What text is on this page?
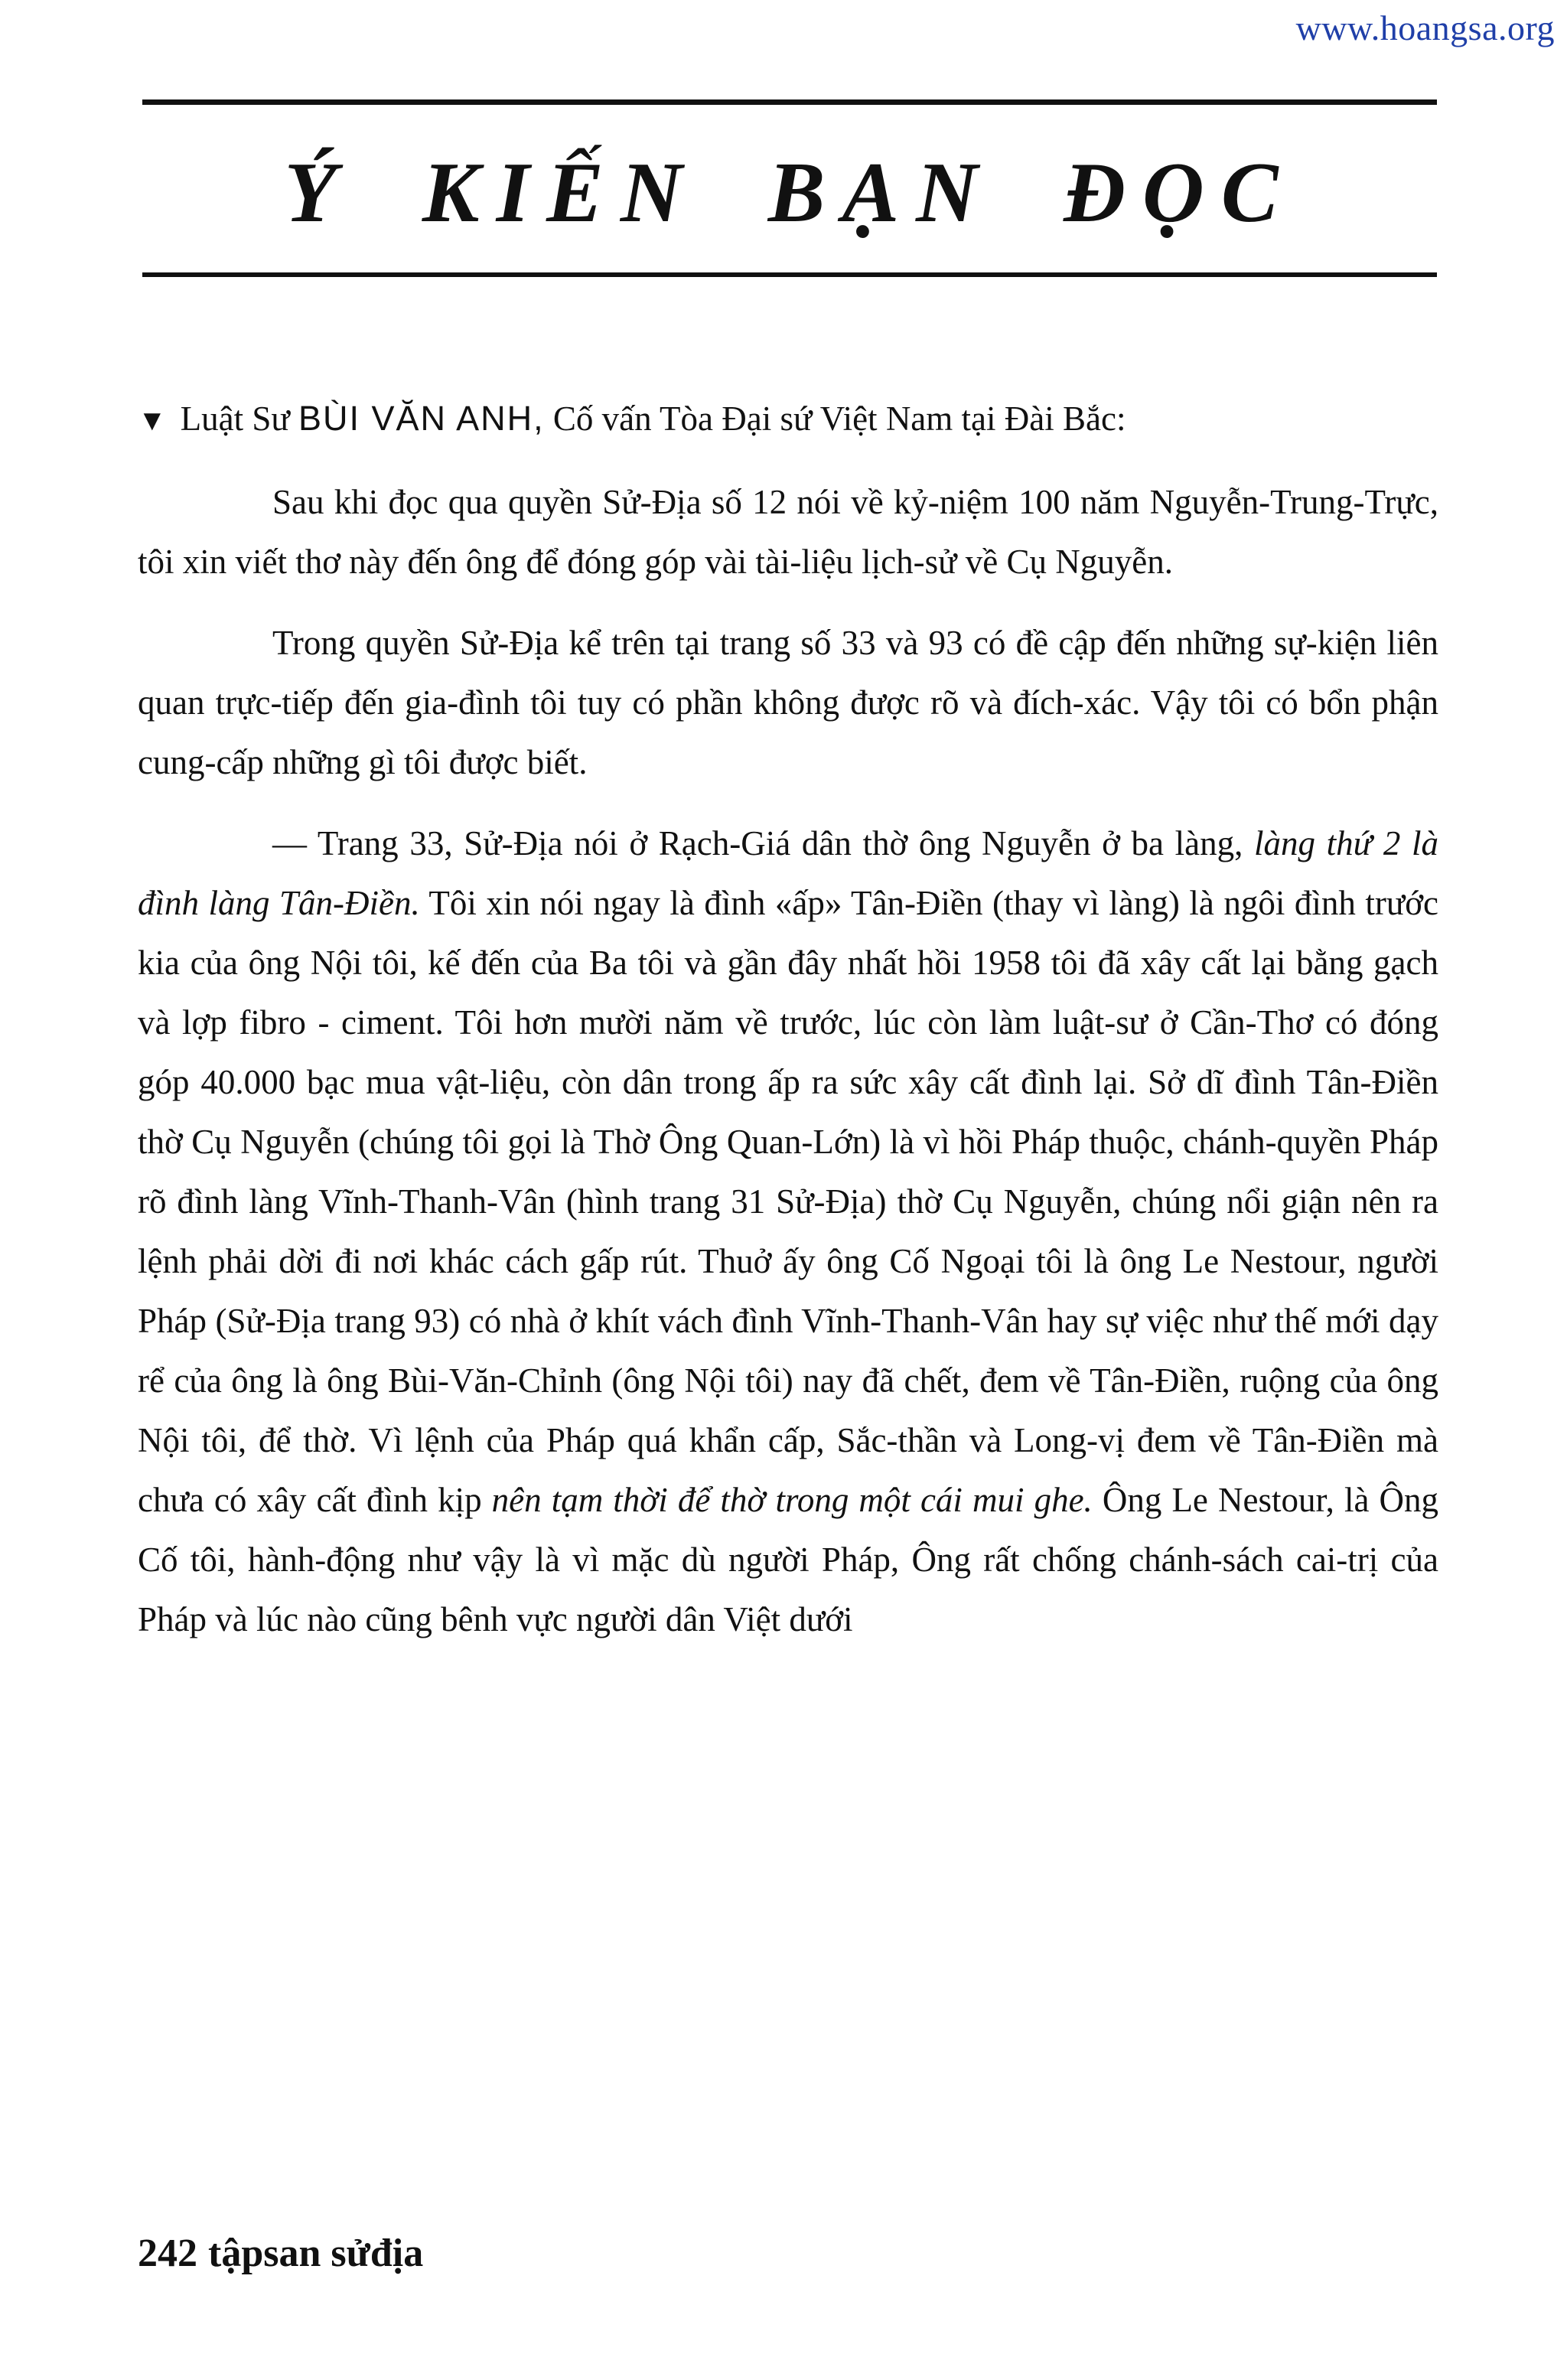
www.hoangsa.org
Ý KIẾN BẠN ĐỌC

▼ Luật Sư BÙI VĂN ANH, Cố vấn Tòa Đại sứ Việt Nam tại Đài Bắc:

Sau khi đọc qua quyền Sử-Địa số 12 nói về kỷ-niệm 100 năm Nguyễn-Trung-Trực, tôi xin viết thơ này đến ông để đóng góp vài tài-liệu lịch-sử về Cụ Nguyễn.

Trong quyền Sử-Địa kể trên tại trang số 33 và 93 có đề cập đến những sự-kiện liên quan trực-tiếp đến gia-đình tôi tuy có phần không được rõ và đích-xác. Vậy tôi có bổn phận cung-cấp những gì tôi được biết.

— Trang 33, Sử-Địa nói ở Rạch-Giá dân thờ ông Nguyễn ở ba làng, làng thứ 2 là đình làng Tân-Điền. Tôi xin nói ngay là đình «ấp» Tân-Điền (thay vì làng) là ngôi đình trước kia của ông Nội tôi, kế đến của Ba tôi và gần đây nhất hồi 1958 tôi đã xây cất lại bằng gạch và lợp fibro - ciment. Tôi hơn mười năm về trước, lúc còn làm luật-sư ở Cần-Thơ có đóng góp 40.000 bạc mua vật-liệu, còn dân trong ấp ra sức xây cất đình lại. Sở dĩ đình Tân-Điền thờ Cụ Nguyễn (chúng tôi gọi là Thờ Ông Quan-Lớn) là vì hồi Pháp thuộc, chánh-quyền Pháp rõ đình làng Vĩnh-Thanh-Vân (hình trang 31 Sử-Địa) thờ Cụ Nguyễn, chúng nổi giận nên ra lệnh phải dời đi nơi khác cách gấp rút. Thuở ấy ông Cố Ngoại tôi là ông Le Nestour, người Pháp (Sử-Địa trang 93) có nhà ở khít vách đình Vĩnh-Thanh-Vân hay sự việc như thế mới dạy rể của ông là ông Bùi-Văn-Chỉnh (ông Nội tôi) nay đã chết, đem về Tân-Điền, ruộng của ông Nội tôi, để thờ. Vì lệnh của Pháp quá khẩn cấp, Sắc-thần và Long-vị đem về Tân-Điền mà chưa có xây cất đình kịp nên tạm thời để thờ trong một cái mui ghe. Ông Le Nestour, là Ông Cố tôi, hành-động như vậy là vì mặc dù người Pháp, Ông rất chống chánh-sách cai-trị của Pháp và lúc nào cũng bênh vực người dân Việt dưới

242 tậpsan sửđịa
